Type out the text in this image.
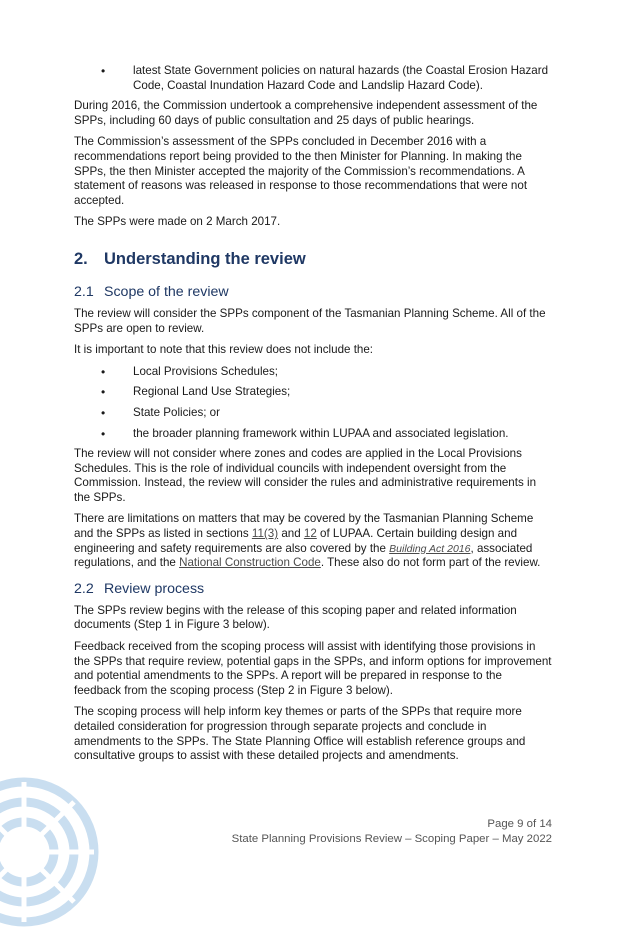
• latest State Government policies on natural hazards (the Coastal Erosion Hazard Code, Coastal Inundation Hazard Code and Landslip Hazard Code).

During 2016, the Commission undertook a comprehensive independent assessment of the SPPs, including 60 days of public consultation and 25 days of public hearings.

The Commission’s assessment of the SPPs concluded in December 2016 with a recommendations report being provided to the then Minister for Planning. In making the SPPs, the then Minister accepted the majority of the Commission’s recommendations. A statement of reasons was released in response to those recommendations that were not accepted.

The SPPs were made on 2 March 2017.

2. Understanding the review
2.1 Scope of the review

The review will consider the SPPs component of the Tasmanian Planning Scheme. All of the SPPs are open to review.

It is important to note that this review does not include the:

• Local Provisions Schedules;
• Regional Land Use Strategies;
• State Policies; or
• the broader planning framework within LUPAA and associated legislation.

The review will not consider where zones and codes are applied in the Local Provisions Schedules. This is the role of individual councils with independent oversight from the Commission. Instead, the review will consider the rules and administrative requirements in the SPPs.

There are limitations on matters that may be covered by the Tasmanian Planning Scheme and the SPPs as listed in sections 11(3) and 12 of LUPAA. Certain building design and engineering and safety requirements are also covered by the Building Act 2016, associated regulations, and the National Construction Code. These also do not form part of the review.

2.2 Review process

The SPPs review begins with the release of this scoping paper and related information documents (Step 1 in Figure 3 below).

Feedback received from the scoping process will assist with identifying those provisions in the SPPs that require review, potential gaps in the SPPs, and inform options for improvement and potential amendments to the SPPs. A report will be prepared in response to the feedback from the scoping process (Step 2 in Figure 3 below).

The scoping process will help inform key themes or parts of the SPPs that require more detailed consideration for progression through separate projects and conclude in amendments to the SPPs. The State Planning Office will establish reference groups and consultative groups to assist with these detailed projects and amendments.

Page 9 of 14
State Planning Provisions Review – Scoping Paper – May 2022
